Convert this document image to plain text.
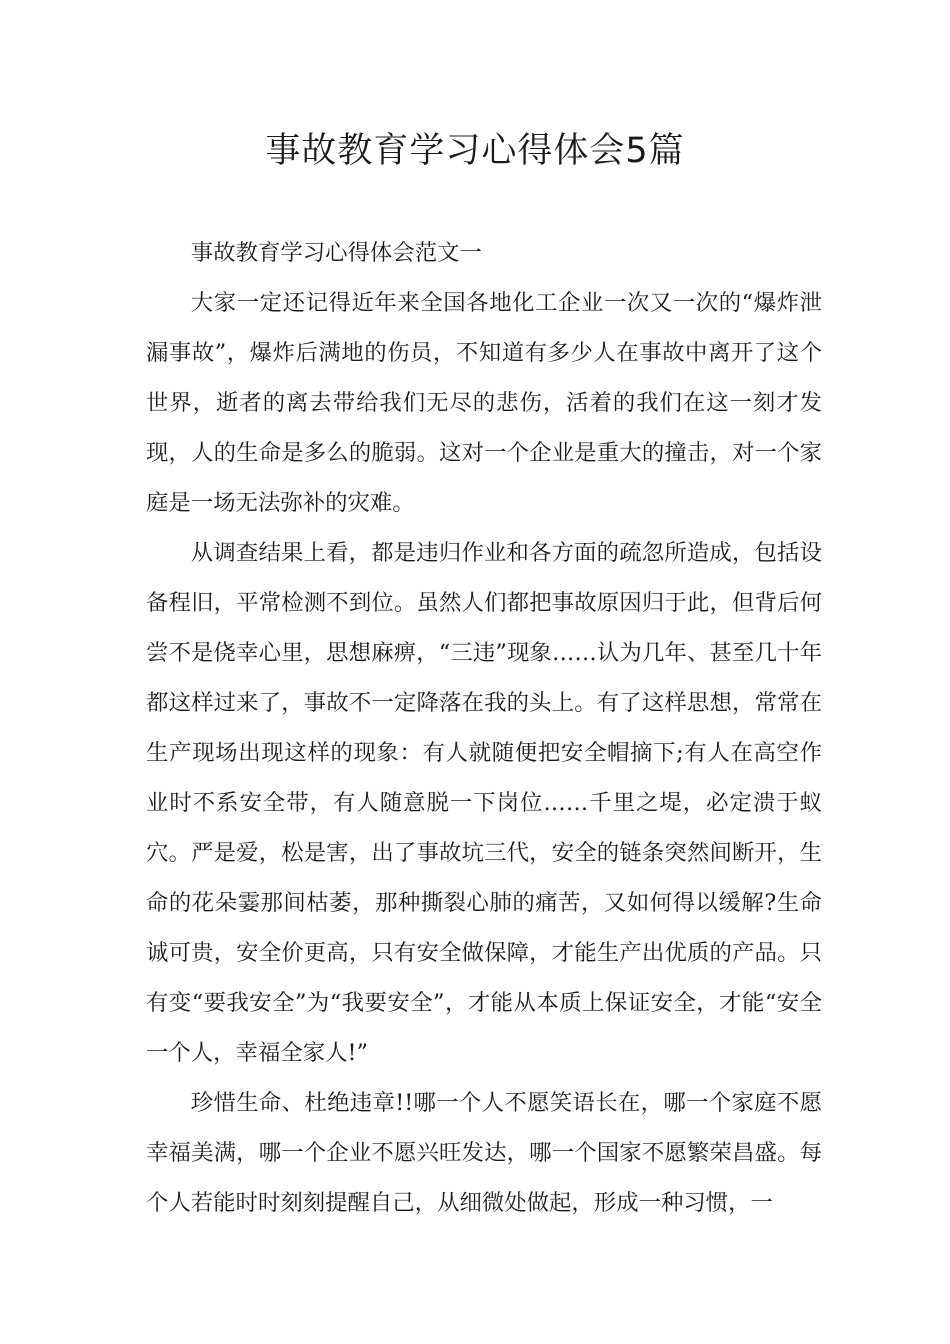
事故教育学习心得体会5篇

事故教育学习心得体会范文一

大家一定还记得近年来全国各地化工企业一次又一次的“爆炸泄漏事故”，爆炸后满地的伤员，不知道有多少人在事故中离开了这个世界，逝者的离去带给我们无尽的悲伤，活着的我们在这一刻才发现，人的生命是多么的脆弱。这对一个企业是重大的撞击，对一个家庭是一场无法弥补的灾难。

从调查结果上看，都是违归作业和各方面的疏忽所造成，包括设备程旧，平常检测不到位。虽然人们都把事故原因归于此，但背后何尝不是侥幸心里，思想麻痹，“三违”现象……认为几年、甚至几十年都这样过来了，事故不一定降落在我的头上。有了这样思想，常常在生产现场出现这样的现象：有人就随便把安全帽摘下;有人在高空作业时不系安全带，有人随意脱一下岗位……千里之堤，必定溃于蚁穴。严是爱，松是害，出了事故坑三代，安全的链条突然间断开，生命的花朵霎那间枯萎，那种撕裂心肺的痛苦，又如何得以缓解?生命诚可贵，安全价更高，只有安全做保障，才能生产出优质的产品。只有变“要我安全”为“我要安全”，才能从本质上保证安全，才能“安全一个人，幸福全家人!”

珍惜生命、杜绝违章!!哪一个人不愿笑语长在，哪一个家庭不愿幸福美满，哪一个企业不愿兴旺发达，哪一个国家不愿繁荣昌盛。每个人若能时时刻刻提醒自己，从细微处做起，形成一种习惯，一
